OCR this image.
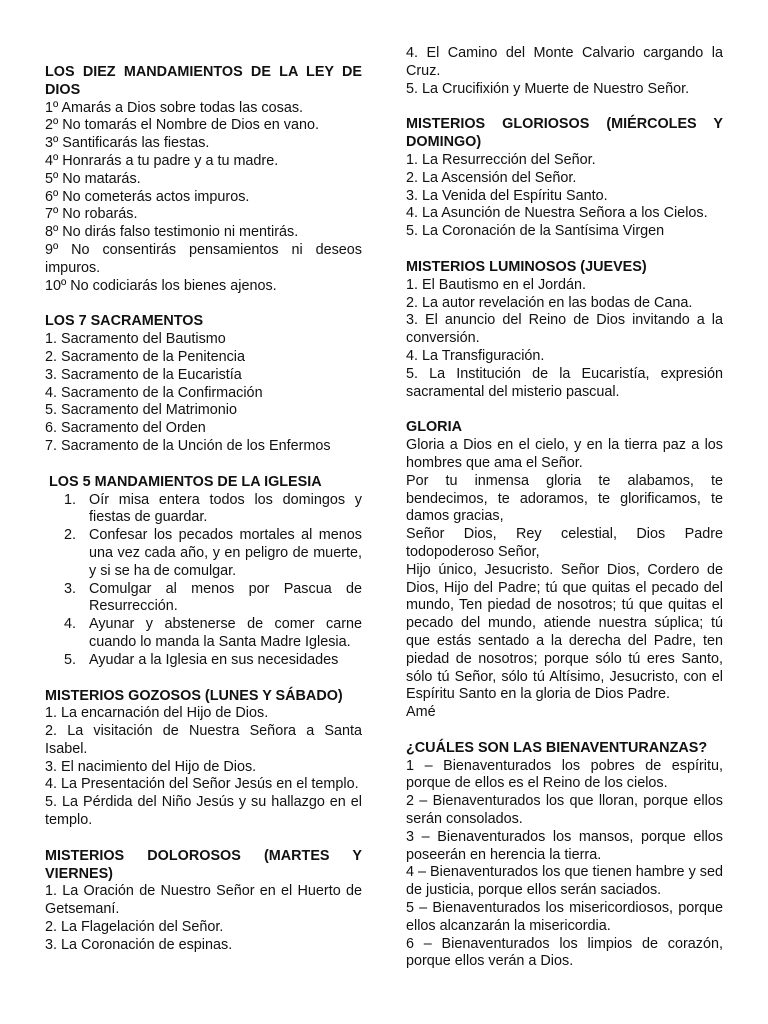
LOS DIEZ MANDAMIENTOS DE LA LEY DE DIOS
1º Amarás a Dios sobre todas las cosas.
2º No tomarás el Nombre de Dios en vano.
3º Santificarás las fiestas.
4º Honrarás a tu padre y a tu madre.
5º No matarás.
6º No cometerás actos impuros.
7º No robarás.
8º No dirás falso testimonio ni mentirás.
9º No consentirás pensamientos ni deseos impuros.
10º No codiciarás los bienes ajenos.
LOS 7 SACRAMENTOS
1. Sacramento del Bautismo
2. Sacramento de la Penitencia
3. Sacramento de la Eucaristía
4. Sacramento de la Confirmación
5. Sacramento del Matrimonio
6. Sacramento del Orden
7. Sacramento de la Unción de los Enfermos
LOS 5 MANDAMIENTOS DE LA IGLESIA
1. Oír misa entera todos los domingos y fiestas de guardar.
2. Confesar los pecados mortales al menos una vez cada año, y en peligro de muerte, y si se ha de comulgar.
3. Comulgar al menos por Pascua de Resurrección.
4. Ayunar y abstenerse de comer carne cuando lo manda la Santa Madre Iglesia.
5. Ayudar a la Iglesia en sus necesidades
MISTERIOS GOZOSOS (LUNES Y SÁBADO)
1. La encarnación del Hijo de Dios.
2. La visitación de Nuestra Señora a Santa Isabel.
3. El nacimiento del Hijo de Dios.
4. La Presentación del Señor Jesús en el templo.
5. La Pérdida del Niño Jesús y su hallazgo en el templo.
MISTERIOS DOLOROSOS (MARTES Y VIERNES)
1. La Oración de Nuestro Señor en el Huerto de Getsemaní.
2. La Flagelación del Señor.
3. La Coronación de espinas.
4. El Camino del Monte Calvario cargando la Cruz.
5. La Crucifixión y Muerte de Nuestro Señor.
MISTERIOS GLORIOSOS (MIÉRCOLES Y DOMINGO)
1. La Resurrección del Señor.
2. La Ascensión del Señor.
3. La Venida del Espíritu Santo.
4. La Asunción de Nuestra Señora a los Cielos.
5. La Coronación de la Santísima Virgen
MISTERIOS LUMINOSOS (JUEVES)
1. El Bautismo en el Jordán.
2. La autor revelación en las bodas de Cana.
3. El anuncio del Reino de Dios invitando a la conversión.
4. La Transfiguración.
5. La Institución de la Eucaristía, expresión sacramental del misterio pascual.
GLORIA
Gloria a Dios en el cielo, y en la tierra paz a los hombres que ama el Señor.
Por tu inmensa gloria te alabamos, te bendecimos, te adoramos, te glorificamos, te damos gracias,
Señor Dios, Rey celestial, Dios Padre todopoderoso Señor,
Hijo único, Jesucristo. Señor Dios, Cordero de Dios, Hijo del Padre; tú que quitas el pecado del mundo, Ten piedad de nosotros; tú que quitas el pecado del mundo, atiende nuestra súplica; tú que estás sentado a la derecha del Padre, ten piedad de nosotros; porque sólo tú eres Santo, sólo tú Señor, sólo tú Altísimo, Jesucristo, con el Espíritu Santo en la gloria de Dios Padre.
Amé
¿CUÁLES SON LAS BIENAVENTURANZAS?
1 – Bienaventurados los pobres de espíritu, porque de ellos es el Reino de los cielos.
2 – Bienaventurados los que lloran, porque ellos serán consolados.
3 – Bienaventurados los mansos, porque ellos poseerán en herencia la tierra.
4 – Bienaventurados los que tienen hambre y sed de justicia, porque ellos serán saciados.
5 – Bienaventurados los misericordiosos, porque ellos alcanzarán la misericordia.
6 – Bienaventurados los limpios de corazón, porque ellos verán a Dios.
